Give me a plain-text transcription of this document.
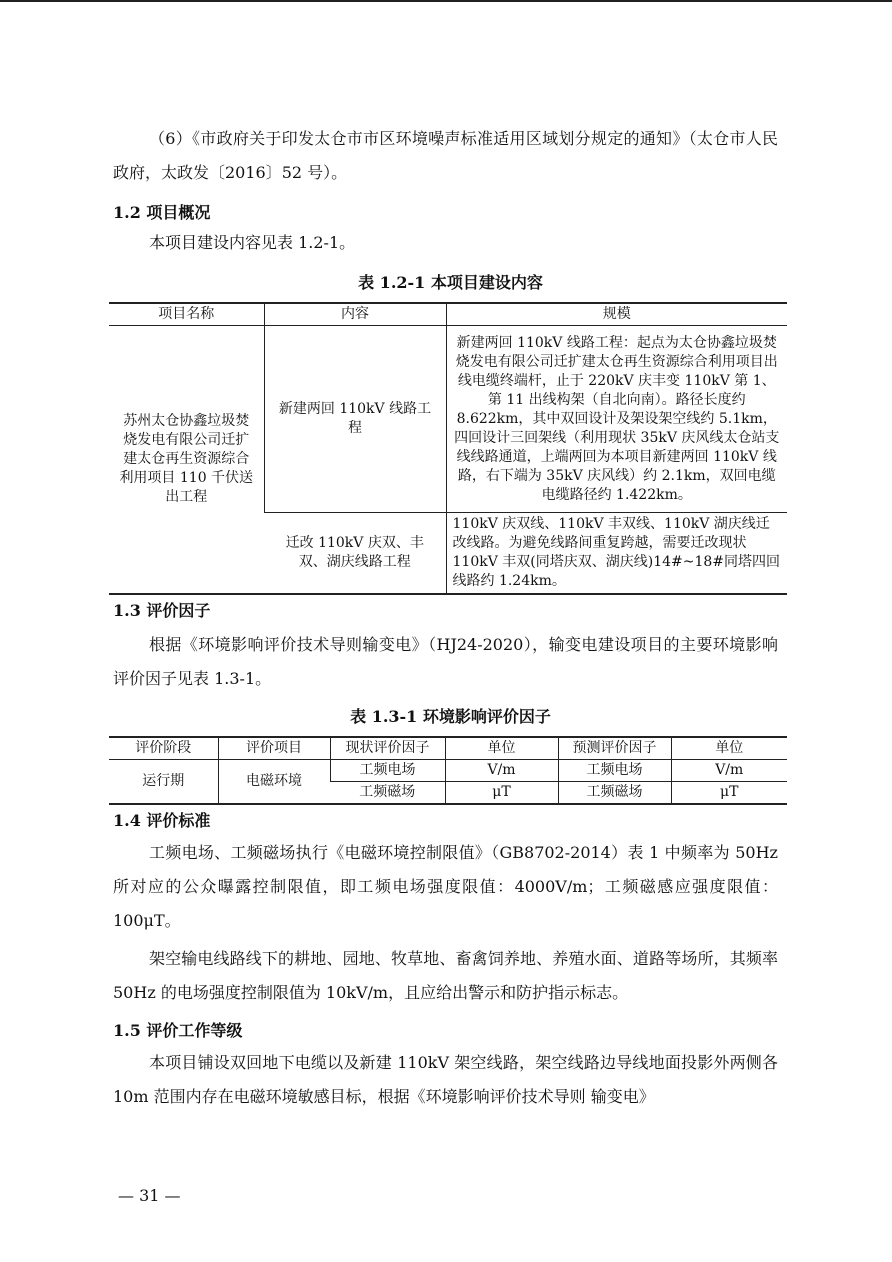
（6）《市政府关于印发太仓市市区环境噪声标准适用区域划分规定的通知》（太仓市人民政府，太政发〔2016〕52 号）。

1.2 项目概况

本项目建设内容见表 1.2-1。

表 1.2-1 本项目建设内容
项目名称	内容	规模
苏州太仓协鑫垃圾焚烧发电有限公司迁扩建太仓再生资源综合利用项目 110 千伏送出工程	新建两回 110kV 线路工程	新建两回 110kV 线路工程：起点为太仓协鑫垃圾焚烧发电有限公司迁扩建太仓再生资源综合利用项目出线电缆终端杆，止于 220kV 庆丰变 110kV 第 1、第 11 出线构架（自北向南）。路径长度约 8.622km，其中双回设计及架设架空线约 5.1km，四回设计三回架线（利用现状 35kV 庆风线太仓站支线线路通道，上端两回为本项目新建两回 110kV 线路，右下端为 35kV 庆风线）约 2.1km，双回电缆电缆路径约 1.422km。
	迁改 110kV 庆双、丰双、湖庆线路工程	110kV 庆双线、110kV 丰双线、110kV 湖庆线迁改线路。为避免线路间重复跨越，需要迁改现状 110kV 丰双(同塔庆双、湖庆线)14#~18#同塔四回线路约 1.24km。

1.3 评价因子

根据《环境影响评价技术导则输变电》（HJ24-2020），输变电建设项目的主要环境影响评价因子见表 1.3-1。

表 1.3-1 环境影响评价因子
评价阶段	评价项目	现状评价因子	单位	预测评价因子	单位
运行期	电磁环境	工频电场	V/m	工频电场	V/m
		工频磁场	μT	工频磁场	μT

1.4 评价标准

工频电场、工频磁场执行《电磁环境控制限值》（GB8702-2014）表 1 中频率为 50Hz 所对应的公众曝露控制限值，即工频电场强度限值：4000V/m；工频磁感应强度限值：100μT。

架空输电线路线下的耕地、园地、牧草地、畜禽饲养地、养殖水面、道路等场所，其频率 50Hz 的电场强度控制限值为 10kV/m，且应给出警示和防护指示标志。

1.5 评价工作等级

本项目铺设双回地下电缆以及新建 110kV 架空线路，架空线路边导线地面投影外两侧各 10m 范围内存在电磁环境敏感目标，根据《环境影响评价技术导则 输变电》

— 31 —
